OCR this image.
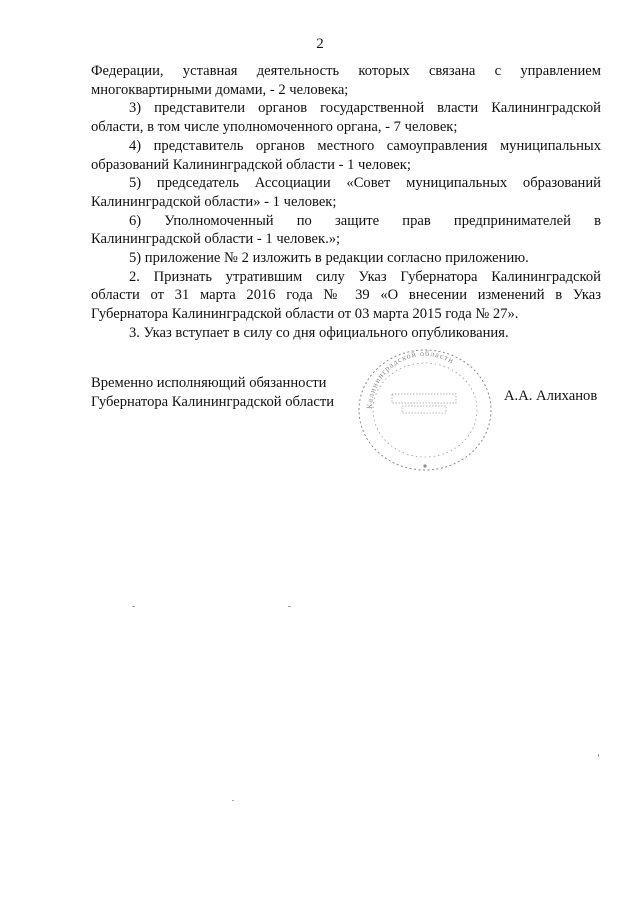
2

Федерации, уставная деятельность которых связана с управлением

многоквартирными домами, - 2 человека;

3) представители органов государственной власти Калининградской

области, в том числе уполномоченного органа, - 7 человек;

4) представитель органов местного самоуправления муниципальных

образований Калининградской области - 1 человек;

5) председатель Ассоциации «Совет муниципальных образований

Калининградской области» - 1 человек;

6) Уполномоченный по защите прав предпринимателей в

Калининградской области - 1 человек.»;

5) приложение № 2 изложить в редакции согласно приложению.

2. Признать утратившим силу Указ Губернатора Калининградской

области от 31 марта 2016 года № 39 «О внесении изменений в Указ

Губернатора Калининградской области от 03 марта 2015 года № 27».

3. Указ вступает в силу со дня официального опубликования.

Временно исполняющий обязанности
Губернатора Калининградской области	Калининградской области
А.А. Алиханов
